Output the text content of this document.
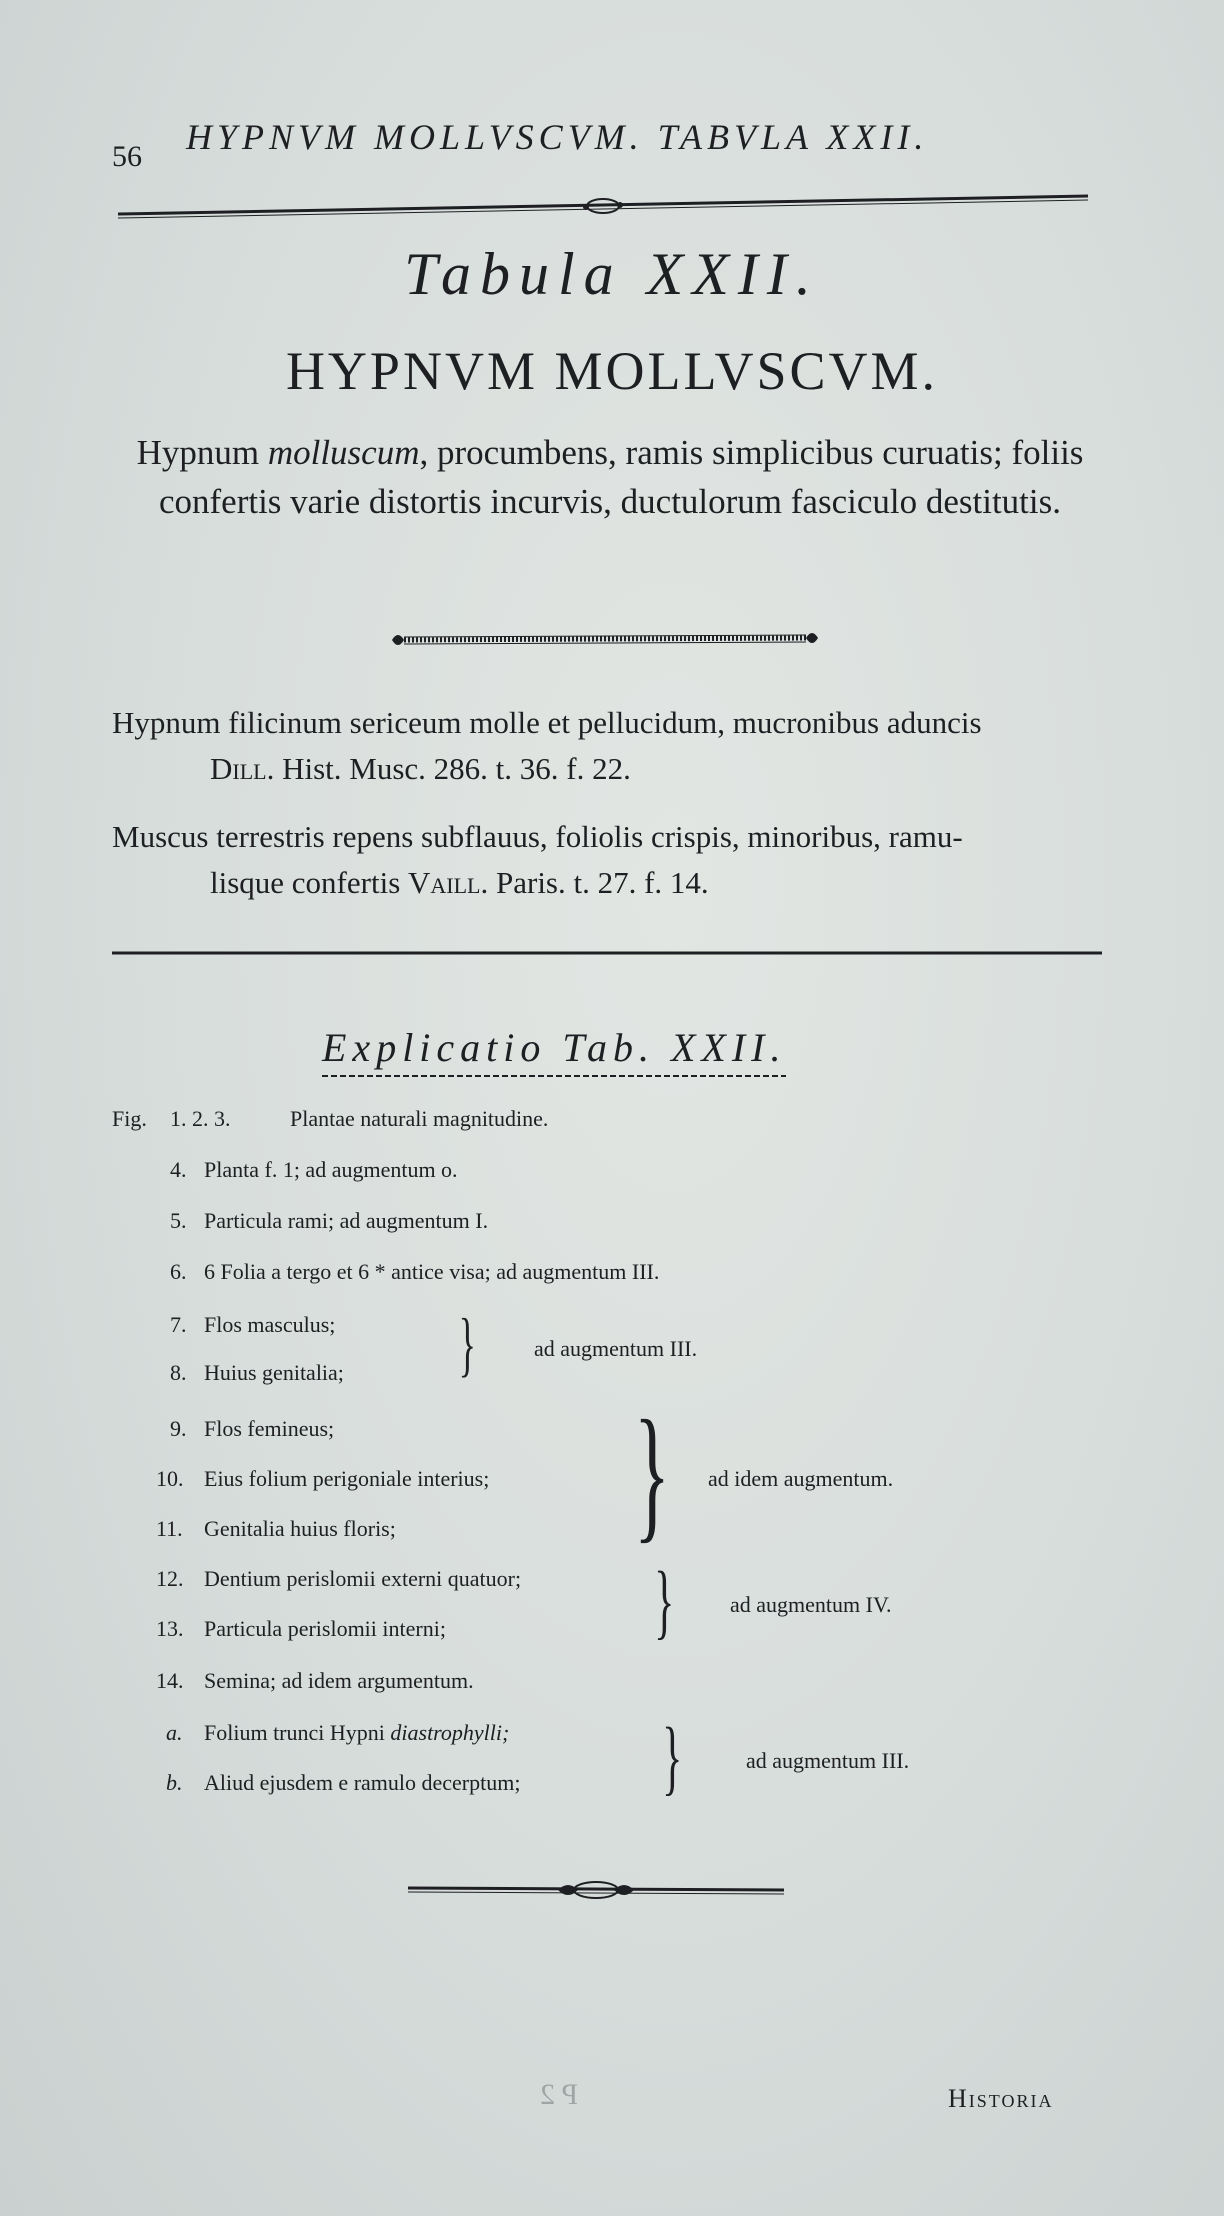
56 HYPNVM MOLLVSCVM. TABVLA XXII.
Tabula XXII.
HYPNVM MOLLVSCVM.
Hypnum molluscum, procumbens, ramis simplicibus curuatis; foliis confertis varie distortis incurvis, ductulorum fasciculo destitutis.
Hypnum filicinum sericeum molle et pellucidum, mucronibus aduncis
Dill. Hist. Musc. 286. t. 36. f. 22.
Muscus terrestris repens subflauus, foliolis crispis, minoribus, ramu-
lisque confertis Vaill. Paris. t. 27. f. 14.
Explicatio Tab. XXII.
Fig. 1. 2. 3.	Plantae naturali magnitudine.
4. Planta f. 1; ad augmentum o.
5. Particula rami; ad augmentum I.
6. 6 Folia a tergo et 6 * antice visa; ad augmentum III.
7. Flos masculus;
8. Huius genitalia; }	ad augmentum III.
9. Flos femineus;
10. Eius folium perigoniale interius;
11. Genitalia huius floris; } ad idem augmentum.
12. Dentium perislomii externi quatuor;
13. Particula perislomii interni; }	ad augmentum IV.
14. Semina; ad idem argumentum.
a. Folium trunci Hypni diastrophylli;
b. Aliud ejusdem e ramulo decerptum; }	ad augmentum III.
P 2	Historia
